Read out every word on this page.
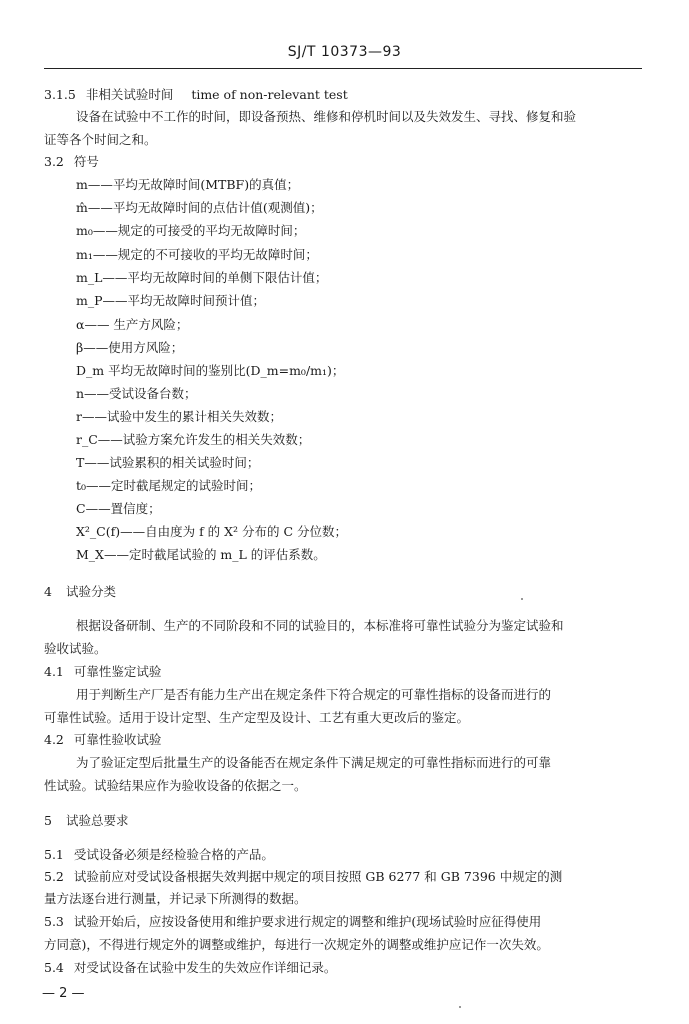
SJ/T 10373—93
3.1.5 非相关试验时间 time of non-relevant test
设备在试验中不工作的时间，即设备预热、维修和停机时间以及失效发生、寻找、修复和验
证等各个时间之和。
3.2 符号
m——平均无故障时间(MTBF)的真值；
m̂——平均无故障时间的点估计值(观测值)；
m₀——规定的可接受的平均无故障时间；
m₁——规定的不可接收的平均无故障时间；
m_L——平均无故障时间的单侧下限估计值；
m_P——平均无故障时间预计值；
α—— 生产方风险；
β——使用方风险；
D_m 平均无故障时间的鉴别比(D_m=m₀/m₁)；
n——受试设备台数；
r——试验中发生的累计相关失效数；
r_C——试验方案允许发生的相关失效数；
T——试验累积的相关试验时间；
t₀——定时截尾规定的试验时间；
C——置信度；
X²_C(f)——自由度为 f 的 X² 分布的 C 分位数；
M_X——定时截尾试验的 m_L 的评估系数。
4 试验分类
根据设备研制、生产的不同阶段和不同的试验目的，本标准将可靠性试验分为鉴定试验和
验收试验。
4.1 可靠性鉴定试验
用于判断生产厂是否有能力生产出在规定条件下符合规定的可靠性指标的设备而进行的
可靠性试验。适用于设计定型、生产定型及设计、工艺有重大更改后的鉴定。
4.2 可靠性验收试验
为了验证定型后批量生产的设备能否在规定条件下满足规定的可靠性指标而进行的可靠
性试验。试验结果应作为验收设备的依据之一。
5 试验总要求
5.1 受试设备必须是经检验合格的产品。
5.2 试验前应对受试设备根据失效判据中规定的项目按照 GB 6277 和 GB 7396 中规定的测
量方法逐台进行测量，并记录下所测得的数据。
5.3 试验开始后，应按设备使用和维护要求进行规定的调整和维护(现场试验时应征得使用
方同意)，不得进行规定外的调整或维护，每进行一次规定外的调整或维护应记作一次失效。
5.4 对受试设备在试验中发生的失效应作详细记录。
— 2 —
